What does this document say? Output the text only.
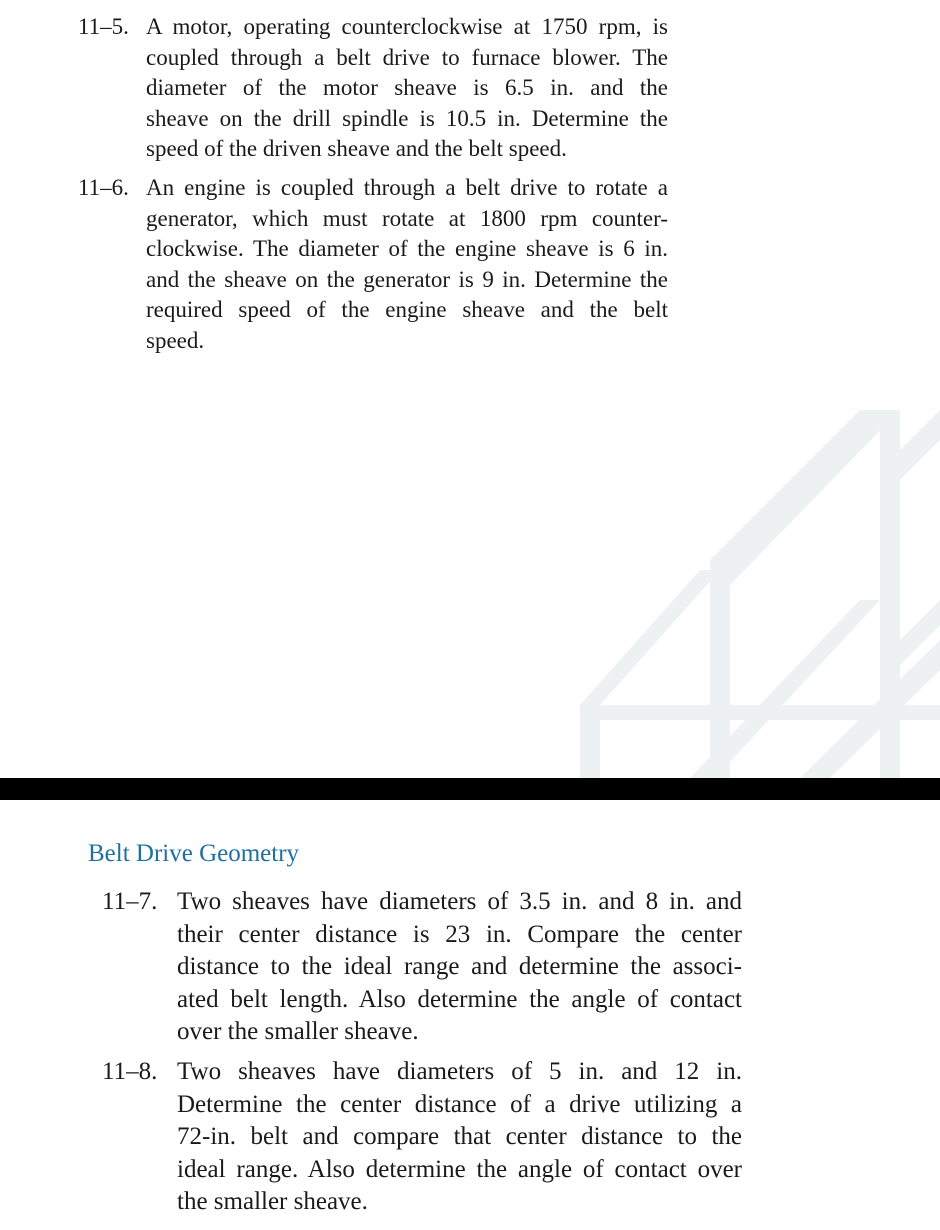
11–5. A motor, operating counterclockwise at 1750 rpm, is
coupled through a belt drive to furnace blower. The
diameter of the motor sheave is 6.5 in. and the
sheave on the drill spindle is 10.5 in. Determine the
speed of the driven sheave and the belt speed.
11–6. An engine is coupled through a belt drive to rotate a
generator, which must rotate at 1800 rpm counter-
clockwise. The diameter of the engine sheave is 6 in.
and the sheave on the generator is 9 in. Determine the
required speed of the engine sheave and the belt
speed.
Belt Drive Geometry
11–7. Two sheaves have diameters of 3.5 in. and 8 in. and
their center distance is 23 in. Compare the center
distance to the ideal range and determine the associ-
ated belt length. Also determine the angle of contact
over the smaller sheave.
11–8. Two sheaves have diameters of 5 in. and 12 in.
Determine the center distance of a drive utilizing a
72-in. belt and compare that center distance to the
ideal range. Also determine the angle of contact over
the smaller sheave.
